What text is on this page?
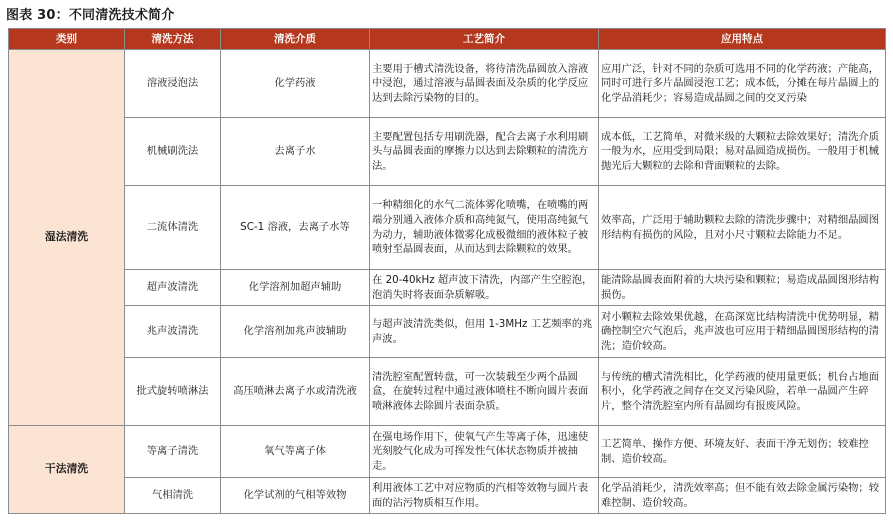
图表 30：不同清洗技术简介
类别	清洗方法	清洗介质	工艺简介	应用特点
湿法清洗	溶液浸泡法	化学药液	主要用于槽式清洗设备，将待清洗晶圆放入溶液中浸泡，通过溶液与晶圆表面及杂质的化学反应达到去除污染物的目的。	应用广泛，针对不同的杂质可选用不同的化学药液；产能高，同时可进行多片晶圆浸泡工艺；成本低，分摊在每片晶圆上的化学品消耗少；容易造成晶圆之间的交叉污染
	机械刷洗法	去离子水	主要配置包括专用刷洗器，配合去离子水利用刷头与晶圆表面的摩擦力以达到去除颗粒的清洗方法。	成本低，工艺简单，对微米级的大颗粒去除效果好；清洗介质一般为水，应用受到局限；易对晶圆造成损伤。一般用于机械抛光后大颗粒的去除和背面颗粒的去除。
	二流体清洗	SC-1 溶液，去离子水等	一种精细化的水气二流体雾化喷嘴，在喷嘴的两端分别通入液体介质和高纯氮气，使用高纯氮气为动力，辅助液体微雾化成极微细的液体粒子被喷射至晶圆表面，从而达到去除颗粒的效果。	效率高，广泛用于辅助颗粒去除的清洗步骤中；对精细晶圆图形结构有损伤的风险，且对小尺寸颗粒去除能力不足。
	超声波清洗	化学溶剂加超声辅助	在 20-40kHz 超声波下清洗，内部产生空腔泡，泡消失时将表面杂质解吸。	能清除晶圆表面附着的大块污染和颗粒；易造成晶圆图形结构损伤。
	兆声波清洗	化学溶剂加兆声波辅助	与超声波清洗类似，但用 1-3MHz 工艺频率的兆声波。	对小颗粒去除效果优越，在高深宽比结构清洗中优势明显，精确控制空穴气泡后，兆声波也可应用于精细晶圆图形结构的清洗；造价较高。
	批式旋转喷淋法	高压喷淋去离子水或清洗液	清洗腔室配置转盘，可一次装载至少两个晶圆盒，在旋转过程中通过液体喷柱不断向圆片表面喷淋液体去除圆片表面杂质。	与传统的槽式清洗相比，化学药液的使用量更低；机台占地面积小，化学药液之间存在交叉污染风险，若单一晶圆产生碎片，整个清洗腔室内所有晶圆均有报废风险。
干法清洗	等离子清洗	氧气等离子体	在强电场作用下，使氧气产生等离子体，迅速使光刻胶气化成为可挥发性气体状态物质并被抽走。	工艺简单、操作方便、环境友好、表面干净无划伤；较难控制、造价较高。
	气相清洗	化学试剂的气相等效物	利用液体工艺中对应物质的汽相等效物与圆片表面的沾污物质相互作用。	化学品消耗少，清洗效率高；但不能有效去除金属污染物；较难控制、造价较高。
